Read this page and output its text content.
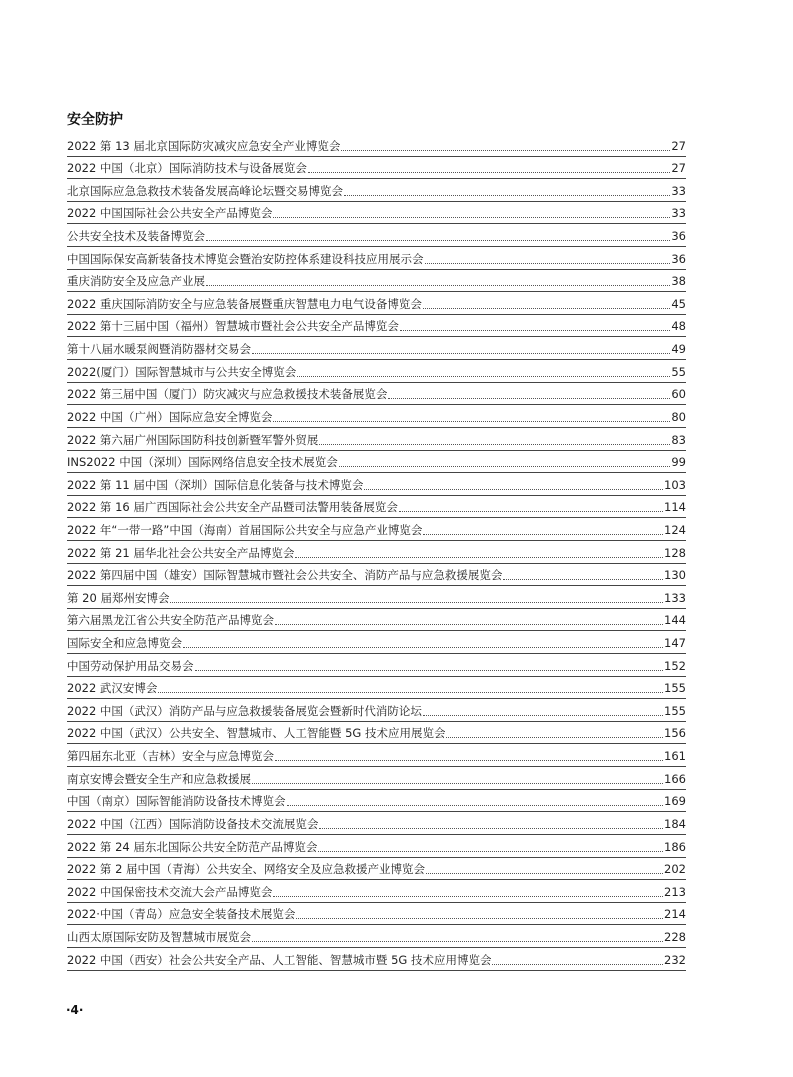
安全防护
2022 第 13 届北京国际防灾减灾应急安全产业博览会	27
2022 中国（北京）国际消防技术与设备展览会	27
北京国际应急急救技术装备发展高峰论坛暨交易博览会	33
2022 中国国际社会公共安全产品博览会	33
公共安全技术及装备博览会	36
中国国际保安高新装备技术博览会暨治安防控体系建设科技应用展示会	36
重庆消防安全及应急产业展	38
2022 重庆国际消防安全与应急装备展暨重庆智慧电力电气设备博览会	45
2022 第十三届中国（福州）智慧城市暨社会公共安全产品博览会	48
第十八届水暖泵阀暨消防器材交易会	49
2022(厦门）国际智慧城市与公共安全博览会	55
2022 第三届中国（厦门）防灾减灾与应急救援技术装备展览会	60
2022 中国（广州）国际应急安全博览会	80
2022 第六届广州国际国防科技创新暨军警外贸展	83
INS2022 中国（深圳）国际网络信息安全技术展览会	99
2022 第 11 届中国（深圳）国际信息化装备与技术博览会	103
2022 第 16 届广西国际社会公共安全产品暨司法警用装备展览会	114
2022 年“一带一路”中国（海南）首届国际公共安全与应急产业博览会	124
2022 第 21 届华北社会公共安全产品博览会	128
2022 第四届中国（雄安）国际智慧城市暨社会公共安全、消防产品与应急救援展览会	130
第 20 届郑州安博会	133
第六届黑龙江省公共安全防范产品博览会	144
国际安全和应急博览会	147
中国劳动保护用品交易会	152
2022 武汉安博会	155
2022 中国（武汉）消防产品与应急救援装备展览会暨新时代消防论坛	155
2022 中国（武汉）公共安全、智慧城市、人工智能暨 5G 技术应用展览会	156
第四届东北亚（吉林）安全与应急博览会	161
南京安博会暨安全生产和应急救援展	166
中国（南京）国际智能消防设备技术博览会	169
2022 中国（江西）国际消防设备技术交流展览会	184
2022 第 24 届东北国际公共安全防范产品博览会	186
2022 第 2 届中国（青海）公共安全、网络安全及应急救援产业博览会	202
2022 中国保密技术交流大会产品博览会	213
2022·中国（青岛）应急安全装备技术展览会	214
山西太原国际安防及智慧城市展览会	228
2022 中国（西安）社会公共安全产品、人工智能、智慧城市暨 5G 技术应用博览会	232
·4·
